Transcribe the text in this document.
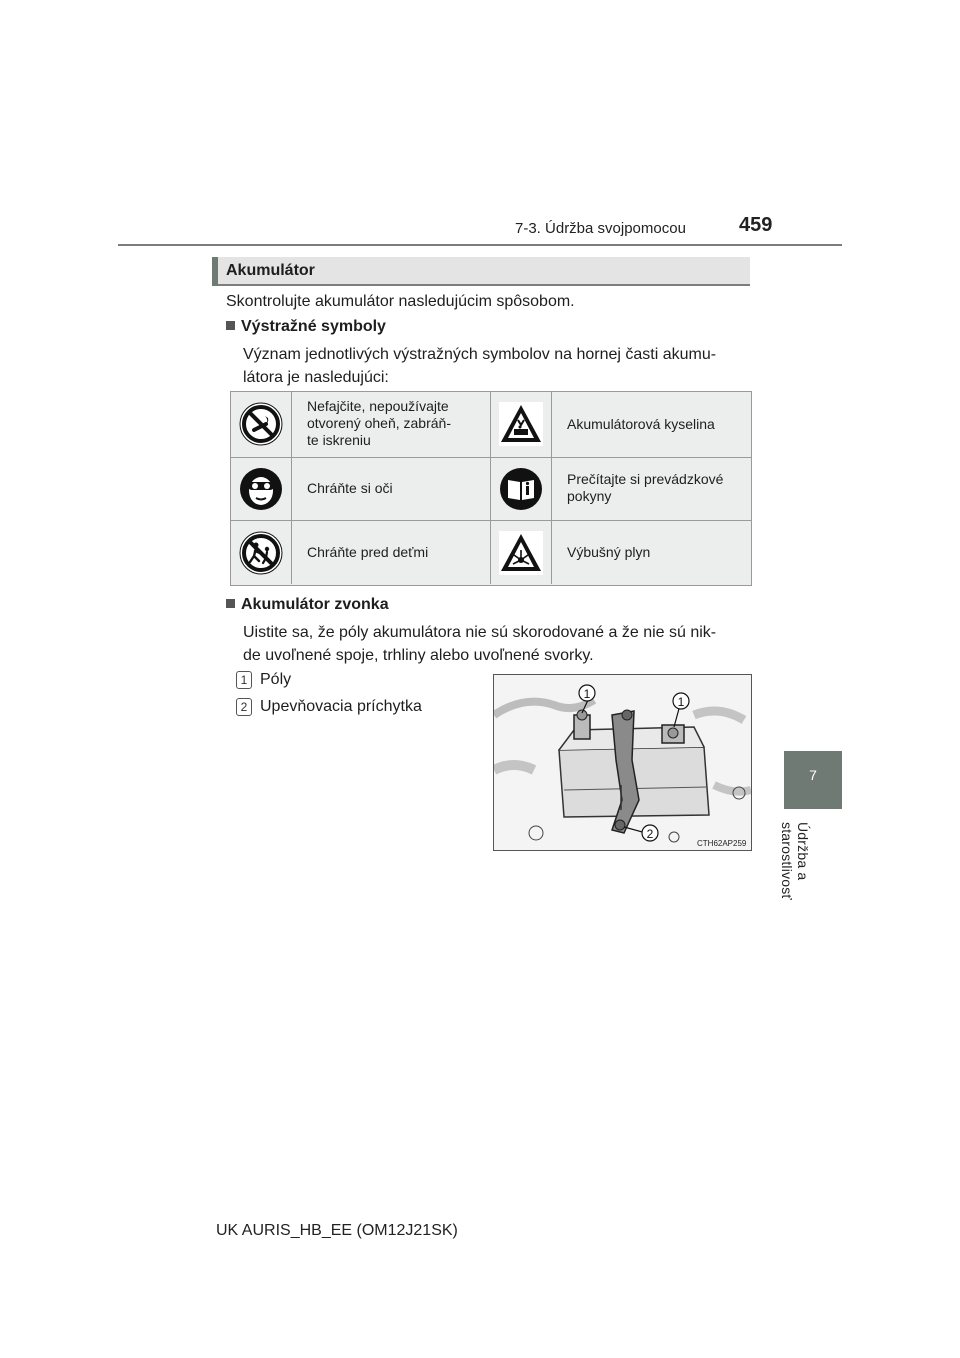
7-3. Údržba svojpomocou	459
7
Údržba a starostlivosť
Akumulátor
Skontrolujte akumulátor nasledujúcim spôsobom.
Výstražné symboly
Význam jednotlivých výstražných symbolov na hornej časti akumu-
látora je nasledujúci:
Nefajčite, nepoužívajte
otvorený oheň, zabráň-
te iskreniu
Akumulátorová kyselina
Chráňte si oči
Prečítajte si prevádzkové
pokyny
Chráňte pred deťmi	Výbušný plyn
Akumulátor zvonka
Uistite sa, že póly akumulátora nie sú skorodované a že nie sú nik-
de uvoľnené spoje, trhliny alebo uvoľnené svorky.
1 Póly
2 Upevňovacia príchytka
1
1
2
CTH62AP259
UK AURIS_HB_EE (OM12J21SK)
